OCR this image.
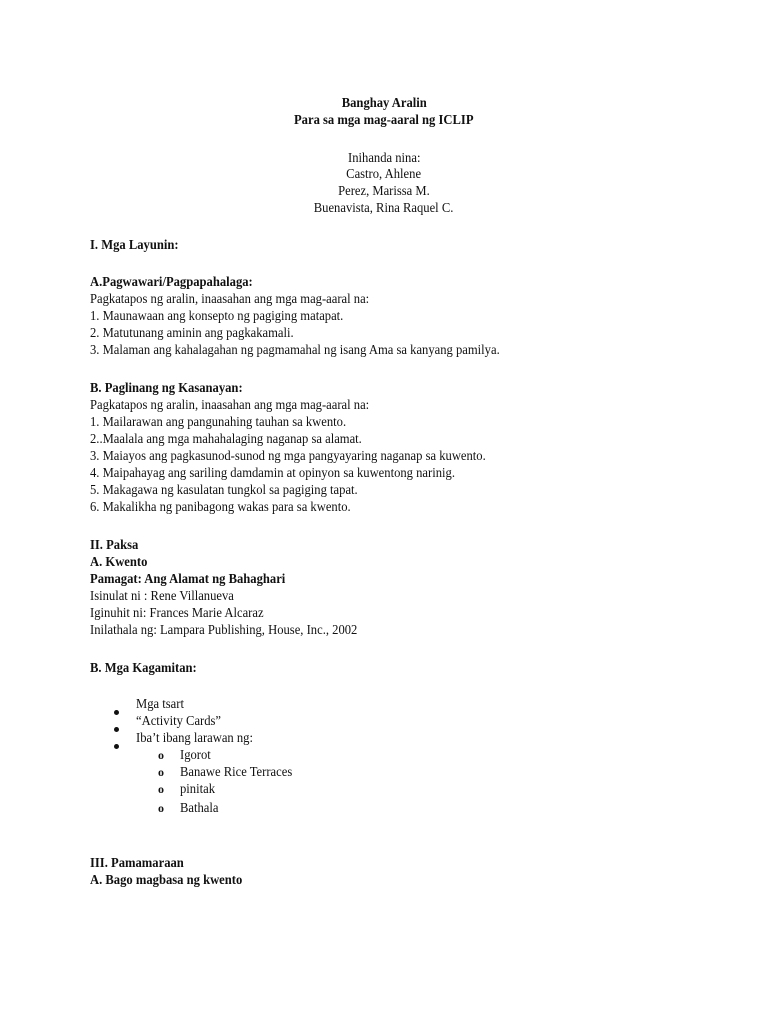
Banghay Aralin
Para sa mga mag-aaral ng ICLIP
Inihanda nina:
Castro, Ahlene
Perez, Marissa M.
Buenavista, Rina Raquel C.
I. Mga Layunin:
A.Pagwawari/Pagpapahalaga:
Pagkatapos ng aralin, inaasahan ang mga mag-aaral na:
1. Maunawaan ang konsepto ng pagiging matapat.
2. Matutunang aminin ang pagkakamali.
3. Malaman ang kahalagahan ng pagmamahal ng isang Ama sa kanyang pamilya.
B. Paglinang ng Kasanayan:
Pagkatapos ng aralin, inaasahan ang mga mag-aaral na:
1. Mailarawan ang pangunahing tauhan sa kwento.
2..Maalala ang mga mahahalaging naganap sa alamat.
3. Maiayos ang pagkasunod-sunod ng mga pangyayaring naganap sa kuwento.
4. Maipahayag ang sariling damdamin at opinyon sa kuwentong narinig.
5. Makagawa ng kasulatan tungkol sa pagiging tapat.
6. Makalikha ng panibagong wakas para sa kwento.
II. Paksa
A. Kwento
Pamagat: Ang Alamat ng Bahaghari
Isinulat ni : Rene Villanueva
Iginuhit ni: Frances Marie Alcaraz
Inilathala ng: Lampara Publishing, House, Inc., 2002
B. Mga Kagamitan:
Mga tsart
“Activity Cards”
Iba’t ibang larawan ng:
o Igorot
o Banawe Rice Terraces
o pinitak
o Bathala
III. Pamamaraan
A. Bago magbasa ng kwento
